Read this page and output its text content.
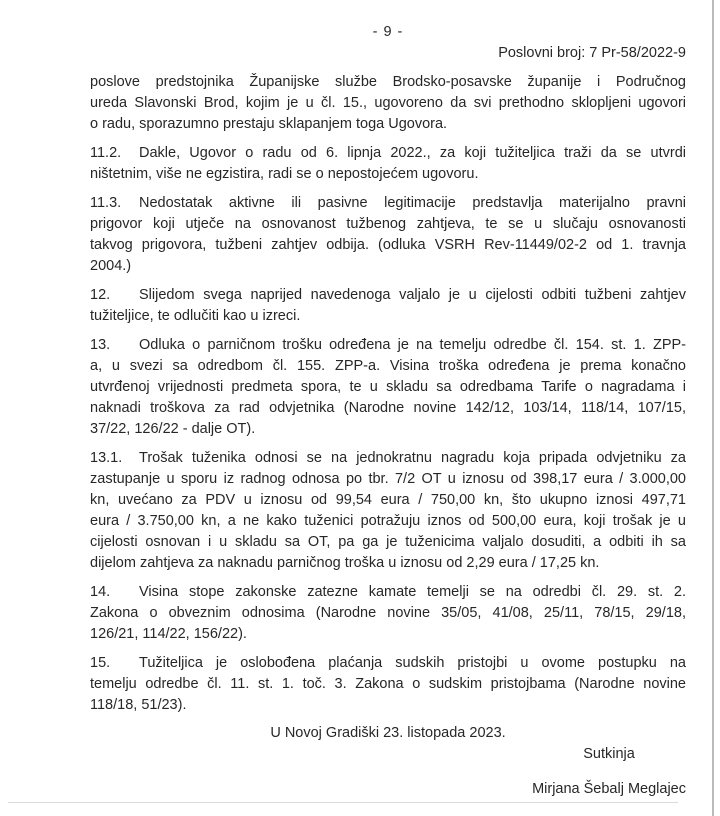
- 9 -
Poslovni broj: 7 Pr-58/2022-9
poslove predstojnika Županijske službe Brodsko-posavske županije i Područnog
ureda Slavonski Brod, kojim je u čl. 15., ugovoreno da svi prethodno sklopljeni ugovori
o radu, sporazumno prestaju sklapanjem toga Ugovora.
11.2. Dakle, Ugovor o radu od 6. lipnja 2022., za koji tužiteljica traži da se utvrdi
ništetnim, više ne egzistira, radi se o nepostojećem ugovoru.
11.3. Nedostatak aktivne ili pasivne legitimacije predstavlja materijalno pravni
prigovor koji utječe na osnovanost tužbenog zahtjeva, te se u slučaju osnovanosti
takvog prigovora, tužbeni zahtjev odbija. (odluka VSRH Rev-11449/02-2 od 1. travnja
2004.)
12. Slijedom svega naprijed navedenoga valjalo je u cijelosti odbiti tužbeni zahtjev
tužiteljice, te odlučiti kao u izreci.
13. Odluka o parničnom trošku određena je na temelju odredbe čl. 154. st. 1. ZPP-
a, u svezi sa odredbom čl. 155. ZPP-a. Visina troška određena je prema konačno
utvrđenoj vrijednosti predmeta spora, te u skladu sa odredbama Tarife o nagradama i
naknadi troškova za rad odvjetnika (Narodne novine 142/12, 103/14, 118/14, 107/15,
37/22, 126/22 - dalje OT).
13.1. Trošak tuženika odnosi se na jednokratnu nagradu koja pripada odvjetniku za
zastupanje u sporu iz radnog odnosa po tbr. 7/2 OT u iznosu od 398,17 eura / 3.000,00
kn, uvećano za PDV u iznosu od 99,54 eura / 750,00 kn, što ukupno iznosi 497,71
eura / 3.750,00 kn, a ne kako tuženici potražuju iznos od 500,00 eura, koji trošak je u
cijelosti osnovan i u skladu sa OT, pa ga je tuženicima valjalo dosuditi, a odbiti ih sa
dijelom zahtjeva za naknadu parničnog troška u iznosu od 2,29 eura / 17,25 kn.
14. Visina stope zakonske zatezne kamate temelji se na odredbi čl. 29. st. 2.
Zakona o obveznim odnosima (Narodne novine 35/05, 41/08, 25/11, 78/15, 29/18,
126/21, 114/22, 156/22).
15. Tužiteljica je oslobođena plaćanja sudskih pristojbi u ovome postupku na
temelju odredbe čl. 11. st. 1. toč. 3. Zakona o sudskim pristojbama (Narodne novine
118/18, 51/23).
U Novoj Gradiški 23. listopada 2023.
Sutkinja
Mirjana Šebalj Meglajec
